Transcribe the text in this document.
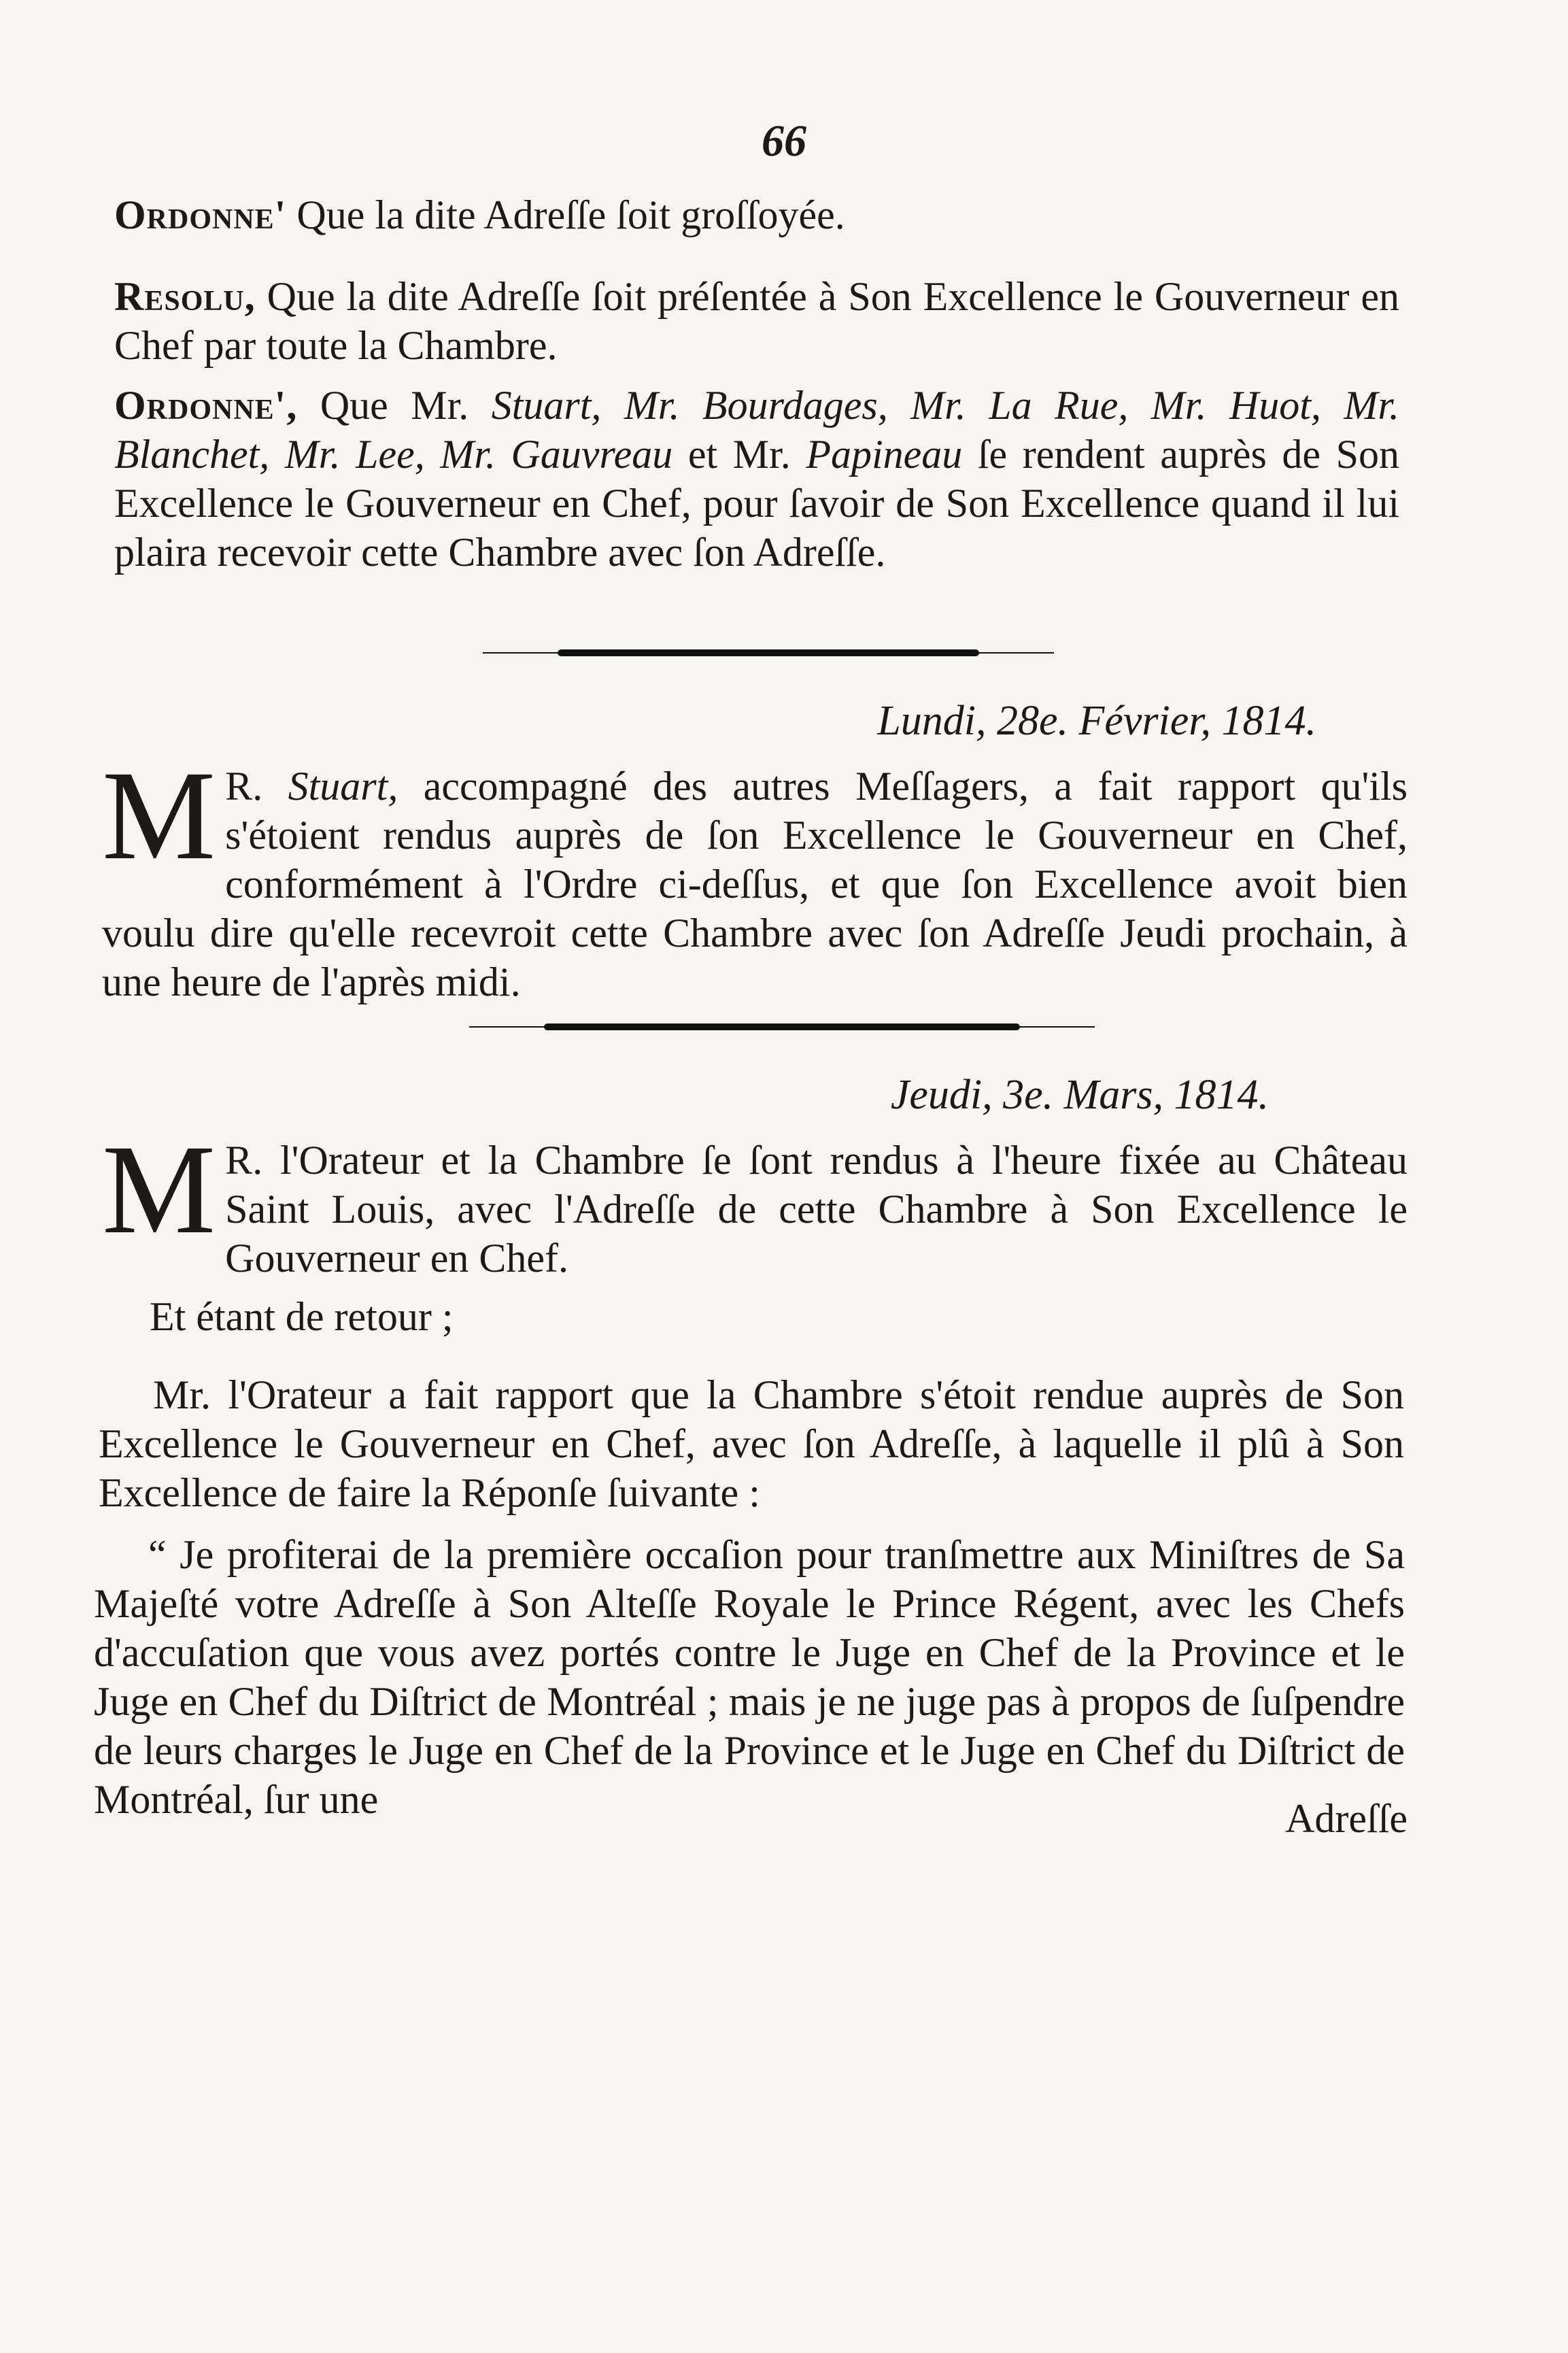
66
Ordonne' Que la dite Adreſſe ſoit groſſoyée.
Resolu, Que la dite Adreſſe ſoit préſentée à Son Excellence le Gouverneur en Chef par toute la Chambre.
Ordonne', Que Mr. Stuart, Mr. Bourdages, Mr. La Rue, Mr. Huot, Mr. Blanchet, Mr. Lee, Mr. Gauvreau et Mr. Papineau ſe rendent auprès de Son Excellence le Gouverneur en Chef, pour ſavoir de Son Excellence quand il lui plaira recevoir cette Chambre avec ſon Adreſſe.
Lundi, 28e. Février, 1814.
M R. Stuart, accompagné des autres Meſſagers, a fait rapport qu'ils s'étoient rendus auprès de ſon Excellence le Gouverneur en Chef, conformément à l'Ordre ci-deſſus, et que ſon Excellence avoit bien voulu dire qu'elle recevroit cette Chambre avec ſon Adreſſe Jeudi prochain, à une heure de l'après midi.
Jeudi, 3e. Mars, 1814.
M R. l'Orateur et la Chambre ſe ſont rendus à l'heure fixée au Château Saint Louis, avec l'Adreſſe de cette Chambre à Son Excellence le Gouverneur en Chef.
Et étant de retour ;
Mr. l'Orateur a fait rapport que la Chambre s'étoit rendue auprès de Son Excellence le Gouverneur en Chef, avec ſon Adreſſe, à laquelle il plû à Son Excellence de faire la Réponſe ſuivante :
“ Je profiterai de la première occaſion pour tranſmettre aux Miniſtres de Sa Majeſté votre Adreſſe à Son Alteſſe Royale le Prince Régent, avec les Chefs d'accuſation que vous avez portés contre le Juge en Chef de la Province et le Juge en Chef du Diſtrict de Montréal ; mais je ne juge pas à propos de ſuſpendre de leurs charges le Juge en Chef de la Province et le Juge en Chef du Diſtrict de Montréal, ſur une	Adreſſe
